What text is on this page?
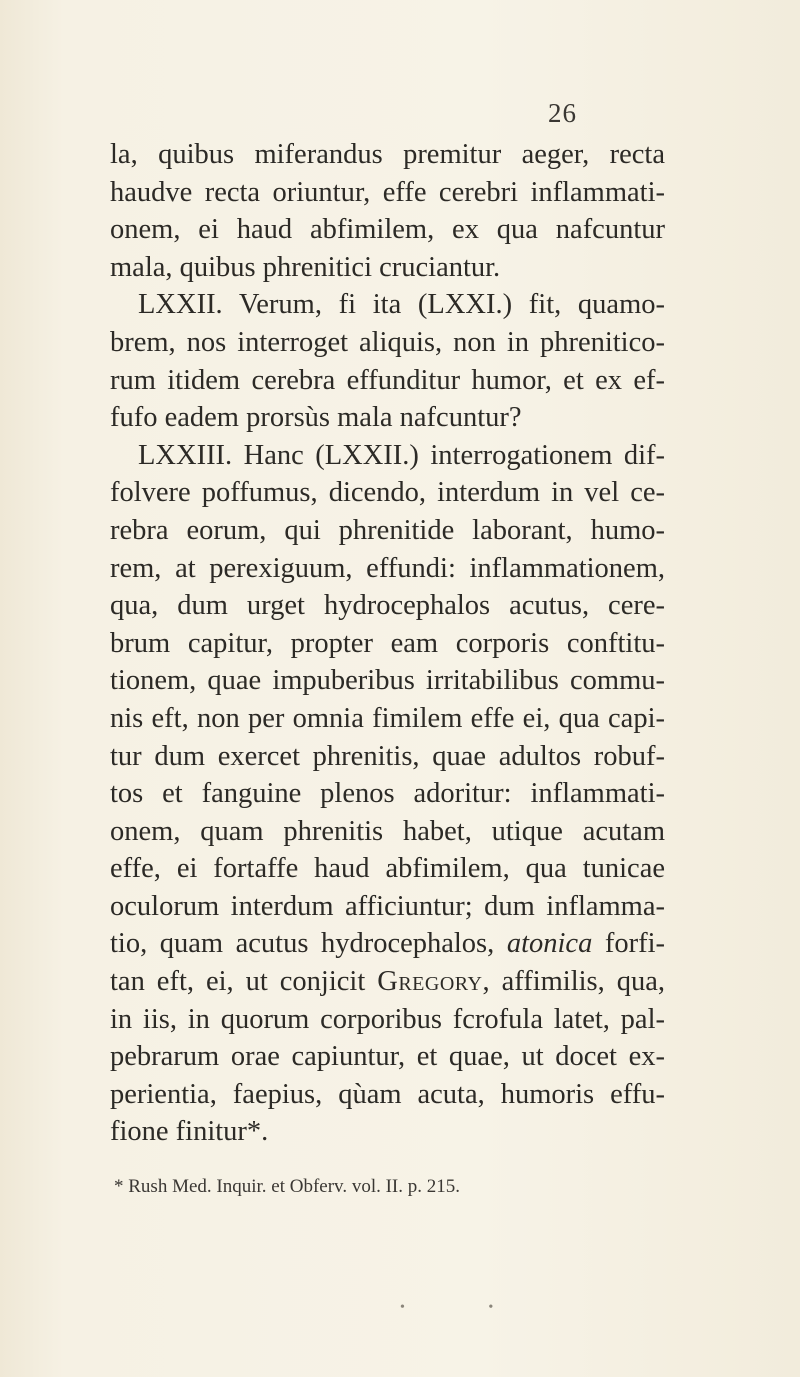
26
la, quibus miferandus premitur aeger, recta
haudve recta oriuntur, effe cerebri inflammati-
onem, ei haud abfimilem, ex qua nafcuntur
mala, quibus phrenitici cruciantur.
LXXII. Verum, fi ita (LXXI.) fit, quamo-
brem, nos interroget aliquis, non in phrenitico-
rum itidem cerebra effunditur humor, et ex ef-
fufo eadem prorsùs mala nafcuntur?
LXXIII. Hanc (LXXII.) interrogationem dif-
folvere poffumus, dicendo, interdum in vel ce-
rebra eorum, qui phrenitide laborant, humo-
rem, at perexiguum, effundi: inflammationem,
qua, dum urget hydrocephalos acutus, cere-
brum capitur, propter eam corporis conftitu-
tionem, quae impuberibus irritabilibus commu-
nis eft, non per omnia fimilem effe ei, qua capi-
tur dum exercet phrenitis, quae adultos robuf-
tos et fanguine plenos adoritur: inflammati-
onem, quam phrenitis habet, utique acutam
effe, ei fortaffe haud abfimilem, qua tunicae
oculorum interdum afficiuntur; dum inflamma-
tio, quam acutus hydrocephalos, atonica forfi-
tan eft, ei, ut conjicit Gregory, affimilis, qua,
in iis, in quorum corporibus fcrofula latet, pal-
pebrarum orae capiuntur, et quae, ut docet ex-
perientia, faepius, qùam acuta, humoris effu-
fione finitur*.
* Rush Med. Inquir. et Obferv. vol. II. p. 215.
• •
